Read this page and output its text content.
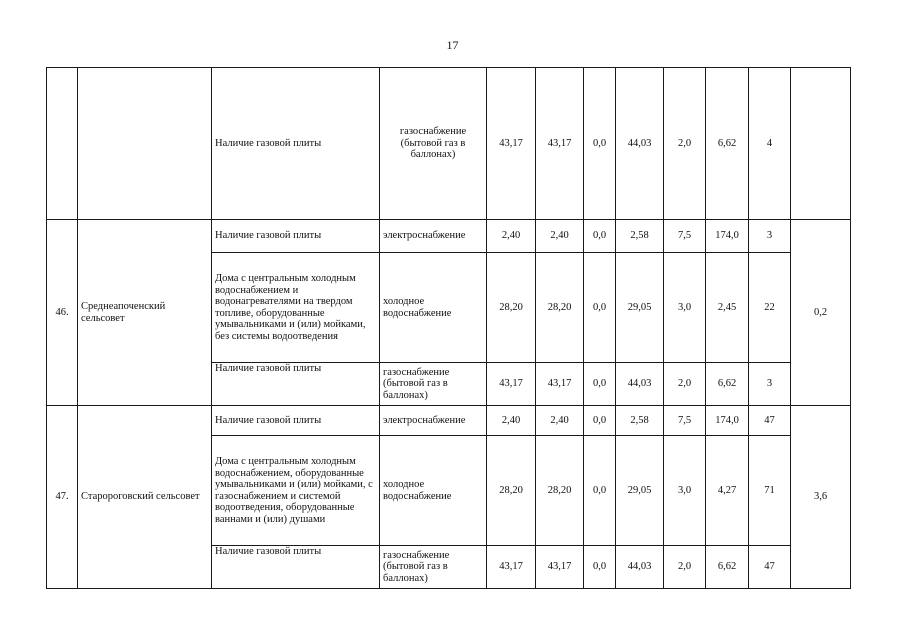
17
		Наличие газовой плиты	газоснабжение (бытовой газ в баллонах)	43,17	43,17	0,0	44,03	2,0	6,62	4	
46.	Среднеапоченский сельсовет	Наличие газовой плиты	электроснабжение	2,40	2,40	0,0	2,58	7,5	174,0	3	0,2
		Дома с центральным холодным водоснабжением и водонагревателями на твердом топливе, оборудованные умывальниками и (или) мойками, без системы водоотведения	холодное водоснабжение	28,20	28,20	0,0	29,05	3,0	2,45	22	
		Наличие газовой плиты	газоснабжение (бытовой газ в баллонах)	43,17	43,17	0,0	44,03	2,0	6,62	3	
47.	Старороговский сельсовет	Наличие газовой плиты	электроснабжение	2,40	2,40	0,0	2,58	7,5	174,0	47	3,6
		Дома с центральным холодным водоснабжением, оборудованные умывальниками и (или) мойками, с газоснабжением и системой водоотведения, оборудованные ваннами и (или) душами	холодное водоснабжение	28,20	28,20	0,0	29,05	3,0	4,27	71	
		Наличие газовой плиты	газоснабжение (бытовой газ в баллонах)	43,17	43,17	0,0	44,03	2,0	6,62	47	
